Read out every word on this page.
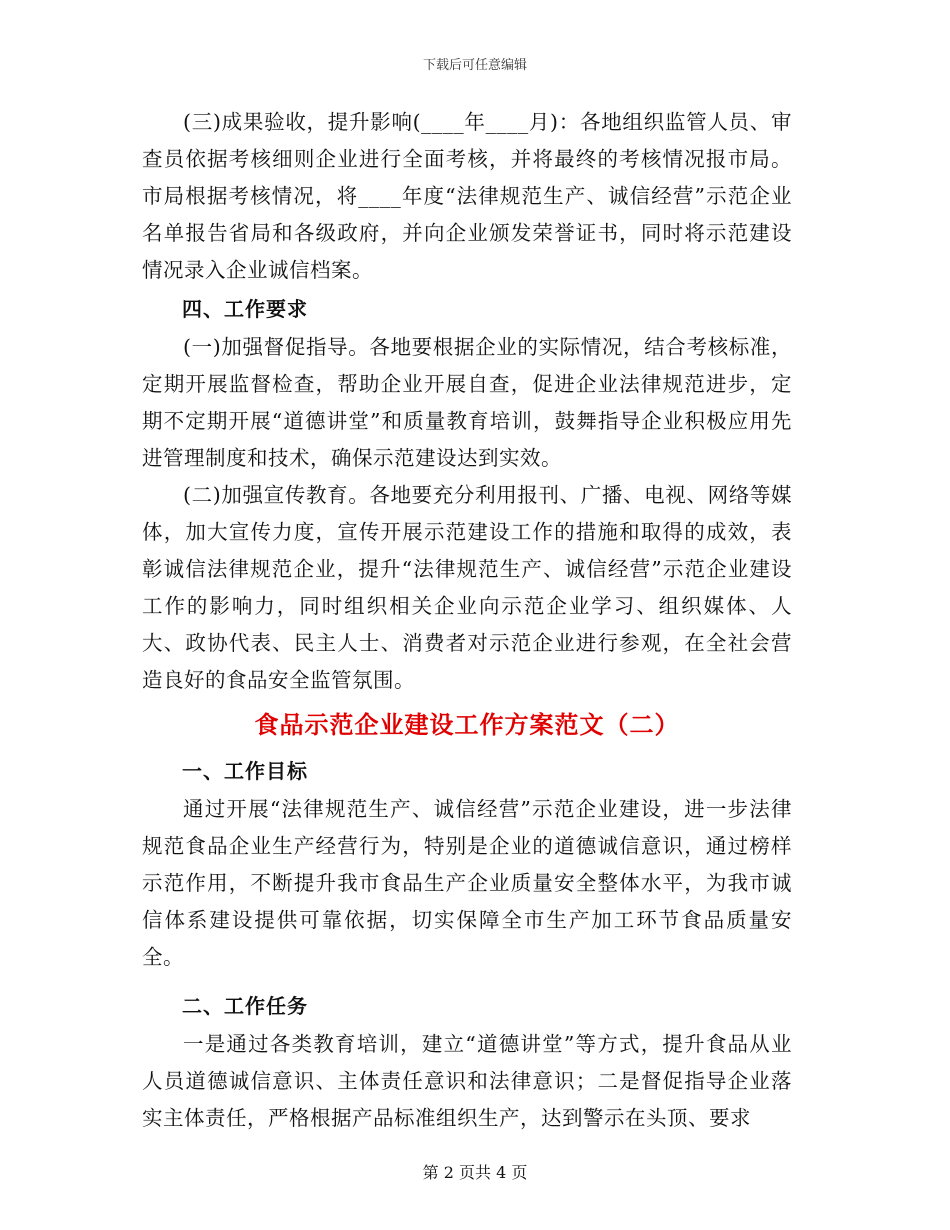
下载后可任意编辑

(三)成果验收，提升影响(____年____月)：各地组织监管人员、审查员依据考核细则企业进行全面考核，并将最终的考核情况报市局。市局根据考核情况，将____年度“法律规范生产、诚信经营”示范企业名单报告省局和各级政府，并向企业颁发荣誉证书，同时将示范建设情况录入企业诚信档案。

四、工作要求

(一)加强督促指导。各地要根据企业的实际情况，结合考核标准，定期开展监督检查，帮助企业开展自查，促进企业法律规范进步，定期不定期开展“道德讲堂”和质量教育培训，鼓舞指导企业积极应用先进管理制度和技术，确保示范建设达到实效。

(二)加强宣传教育。各地要充分利用报刊、广播、电视、网络等媒体，加大宣传力度，宣传开展示范建设工作的措施和取得的成效，表彰诚信法律规范企业，提升“法律规范生产、诚信经营”示范企业建设工作的影响力，同时组织相关企业向示范企业学习、组织媒体、人大、政协代表、民主人士、消费者对示范企业进行参观，在全社会营造良好的食品安全监管氛围。

食品示范企业建设工作方案范文（二）

一、工作目标

通过开展“法律规范生产、诚信经营”示范企业建设，进一步法律规范食品企业生产经营行为，特别是企业的道德诚信意识，通过榜样示范作用，不断提升我市食品生产企业质量安全整体水平，为我市诚信体系建设提供可靠依据，切实保障全市生产加工环节食品质量安全。

二、工作任务

一是通过各类教育培训，建立“道德讲堂”等方式，提升食品从业人员道德诚信意识、主体责任意识和法律意识；二是督促指导企业落实主体责任，严格根据产品标准组织生产，达到警示在头顶、要求

第 2 页共 4 页
